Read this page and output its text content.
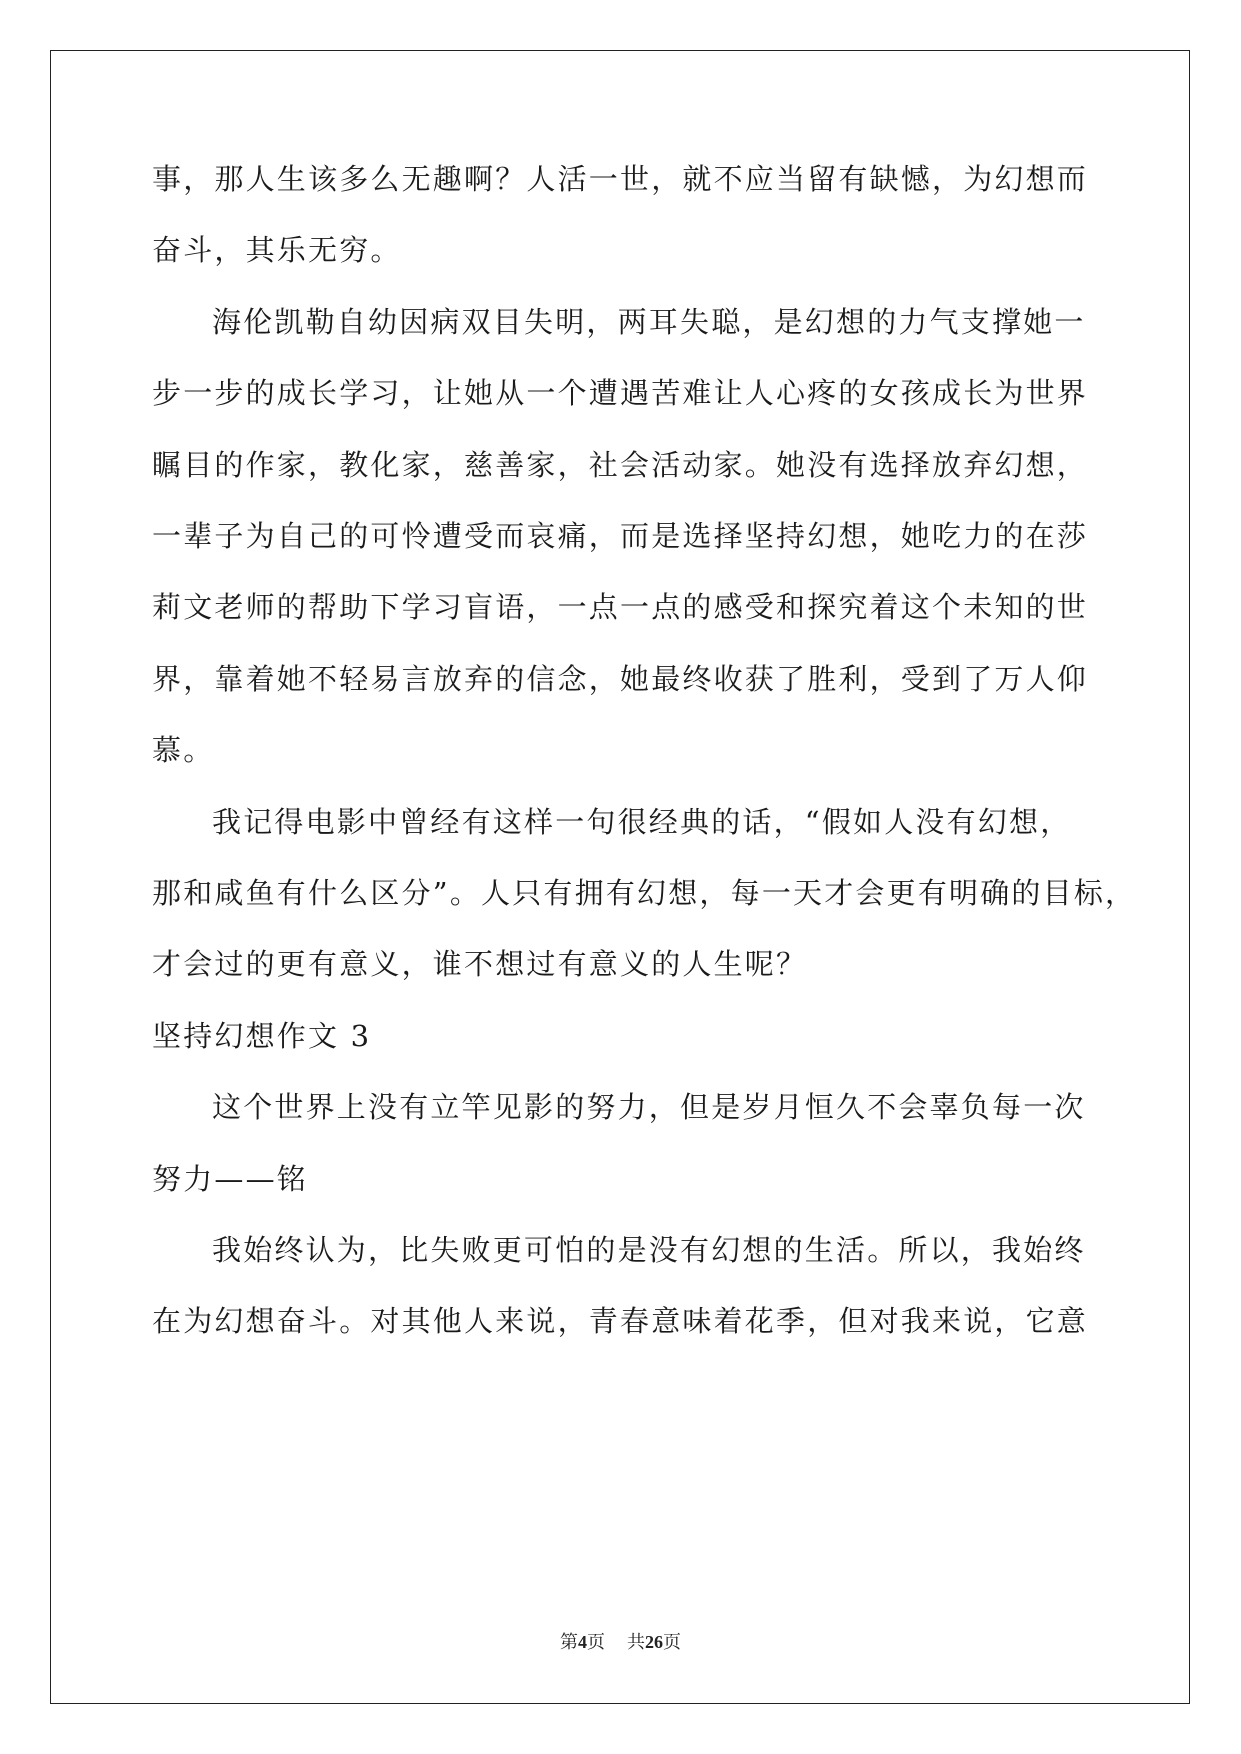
事，那人生该多么无趣啊？人活一世，就不应当留有缺憾，为幻想而
奋斗，其乐无穷。
海伦凯勒自幼因病双目失明，两耳失聪，是幻想的力气支撑她一
步一步的成长学习，让她从一个遭遇苦难让人心疼的女孩成长为世界
瞩目的作家，教化家，慈善家，社会活动家。她没有选择放弃幻想，
一辈子为自己的可怜遭受而哀痛，而是选择坚持幻想，她吃力的在莎
莉文老师的帮助下学习盲语，一点一点的感受和探究着这个未知的世
界，靠着她不轻易言放弃的信念，她最终收获了胜利，受到了万人仰
慕。
我记得电影中曾经有这样一句很经典的话，“假如人没有幻想，
那和咸鱼有什么区分”。人只有拥有幻想，每一天才会更有明确的目标，
才会过的更有意义，谁不想过有意义的人生呢？
坚持幻想作文 3
这个世界上没有立竿见影的努力，但是岁月恒久不会辜负每一次
努力——铭
我始终认为，比失败更可怕的是没有幻想的生活。所以，我始终
在为幻想奋斗。对其他人来说，青春意味着花季，但对我来说，它意
第4页 共26页
